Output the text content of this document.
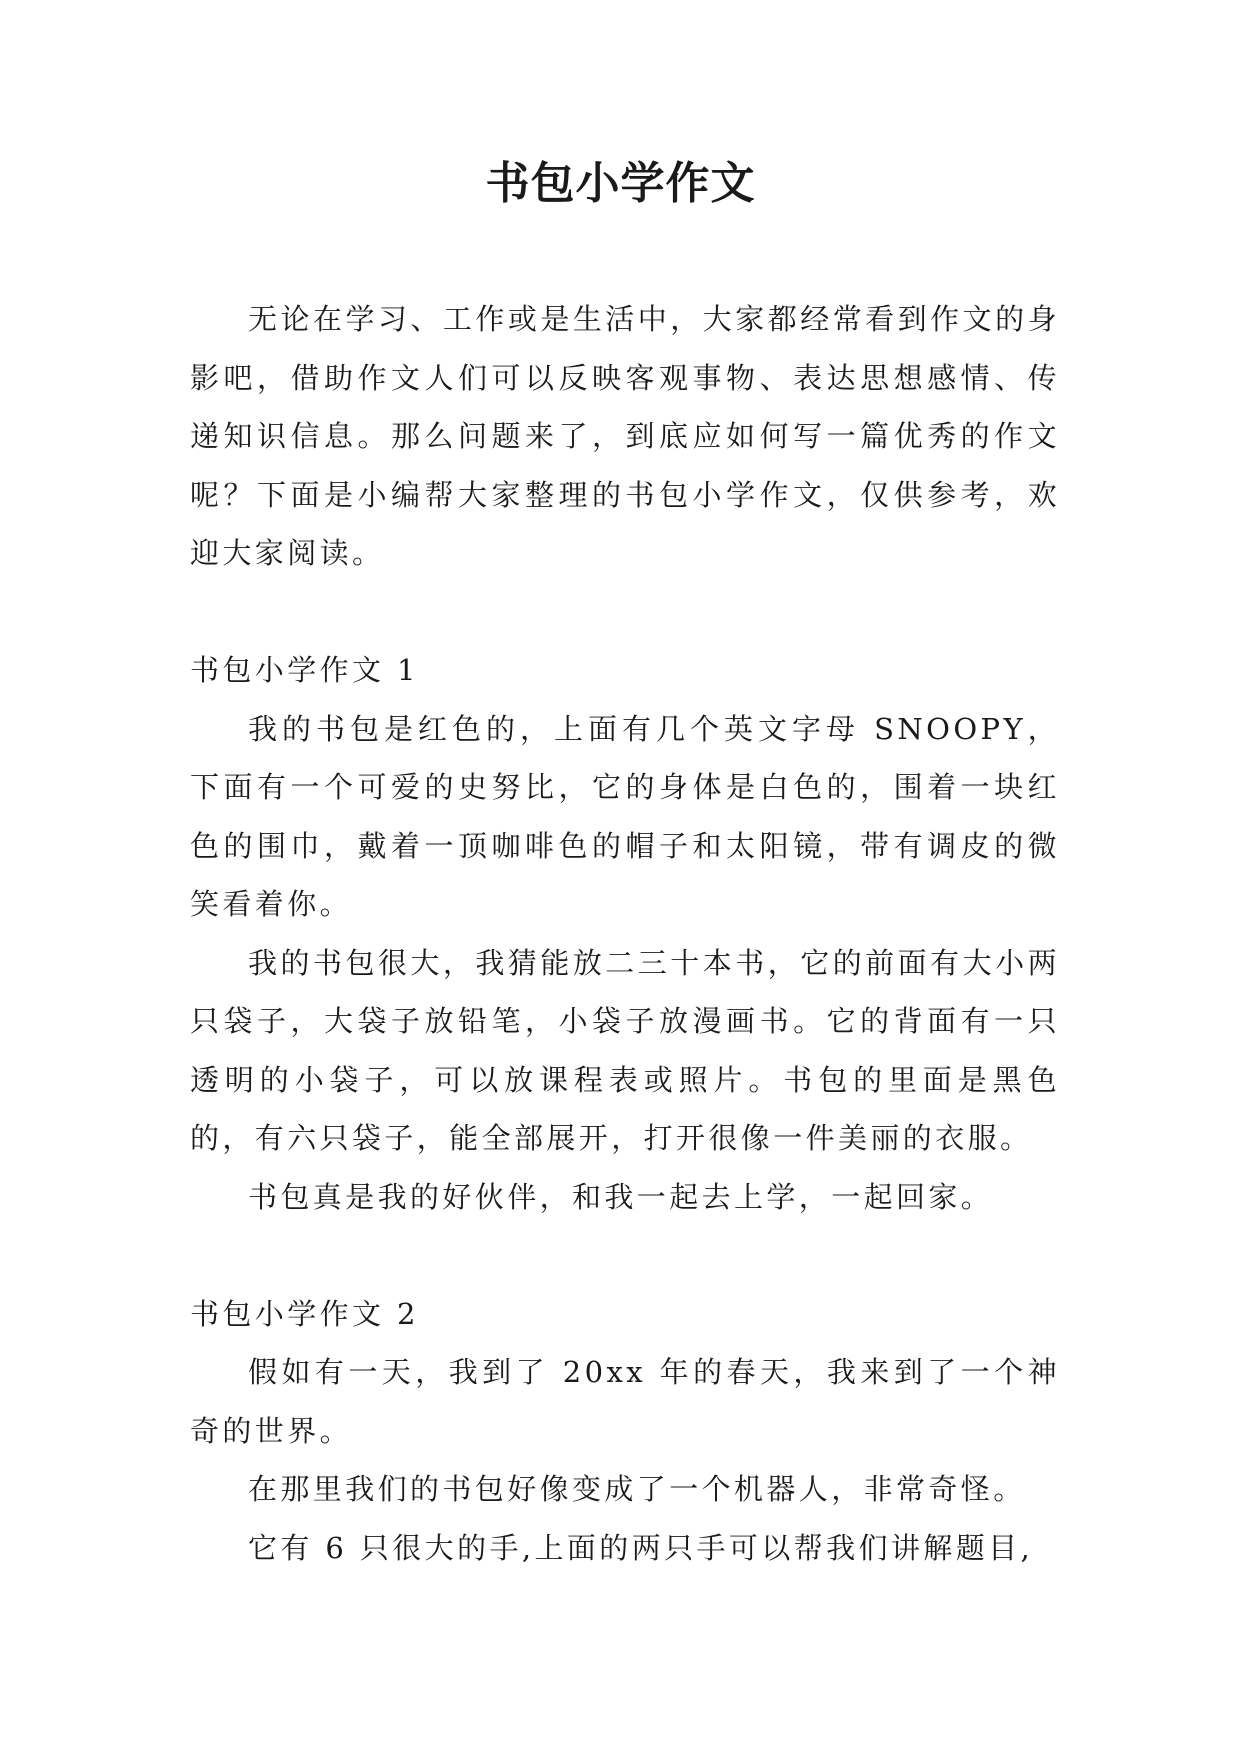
书包小学作文

无论在学习、工作或是生活中，大家都经常看到作文的身影吧，借助作文人们可以反映客观事物、表达思想感情、传递知识信息。那么问题来了，到底应如何写一篇优秀的作文呢？下面是小编帮大家整理的书包小学作文，仅供参考，欢迎大家阅读。

书包小学作文 1

我的书包是红色的，上面有几个英文字母 SNOOPY，下面有一个可爱的史努比，它的身体是白色的，围着一块红色的围巾，戴着一顶咖啡色的帽子和太阳镜，带有调皮的微笑看着你。

我的书包很大，我猜能放二三十本书，它的前面有大小两只袋子，大袋子放铅笔，小袋子放漫画书。它的背面有一只透明的小袋子，可以放课程表或照片。书包的里面是黑色的，有六只袋子，能全部展开，打开很像一件美丽的衣服。

书包真是我的好伙伴，和我一起去上学，一起回家。

书包小学作文 2

假如有一天，我到了 20xx 年的春天，我来到了一个神奇的世界。

在那里我们的书包好像变成了一个机器人，非常奇怪。

它有 6 只很大的手,上面的两只手可以帮我们讲解题目,
